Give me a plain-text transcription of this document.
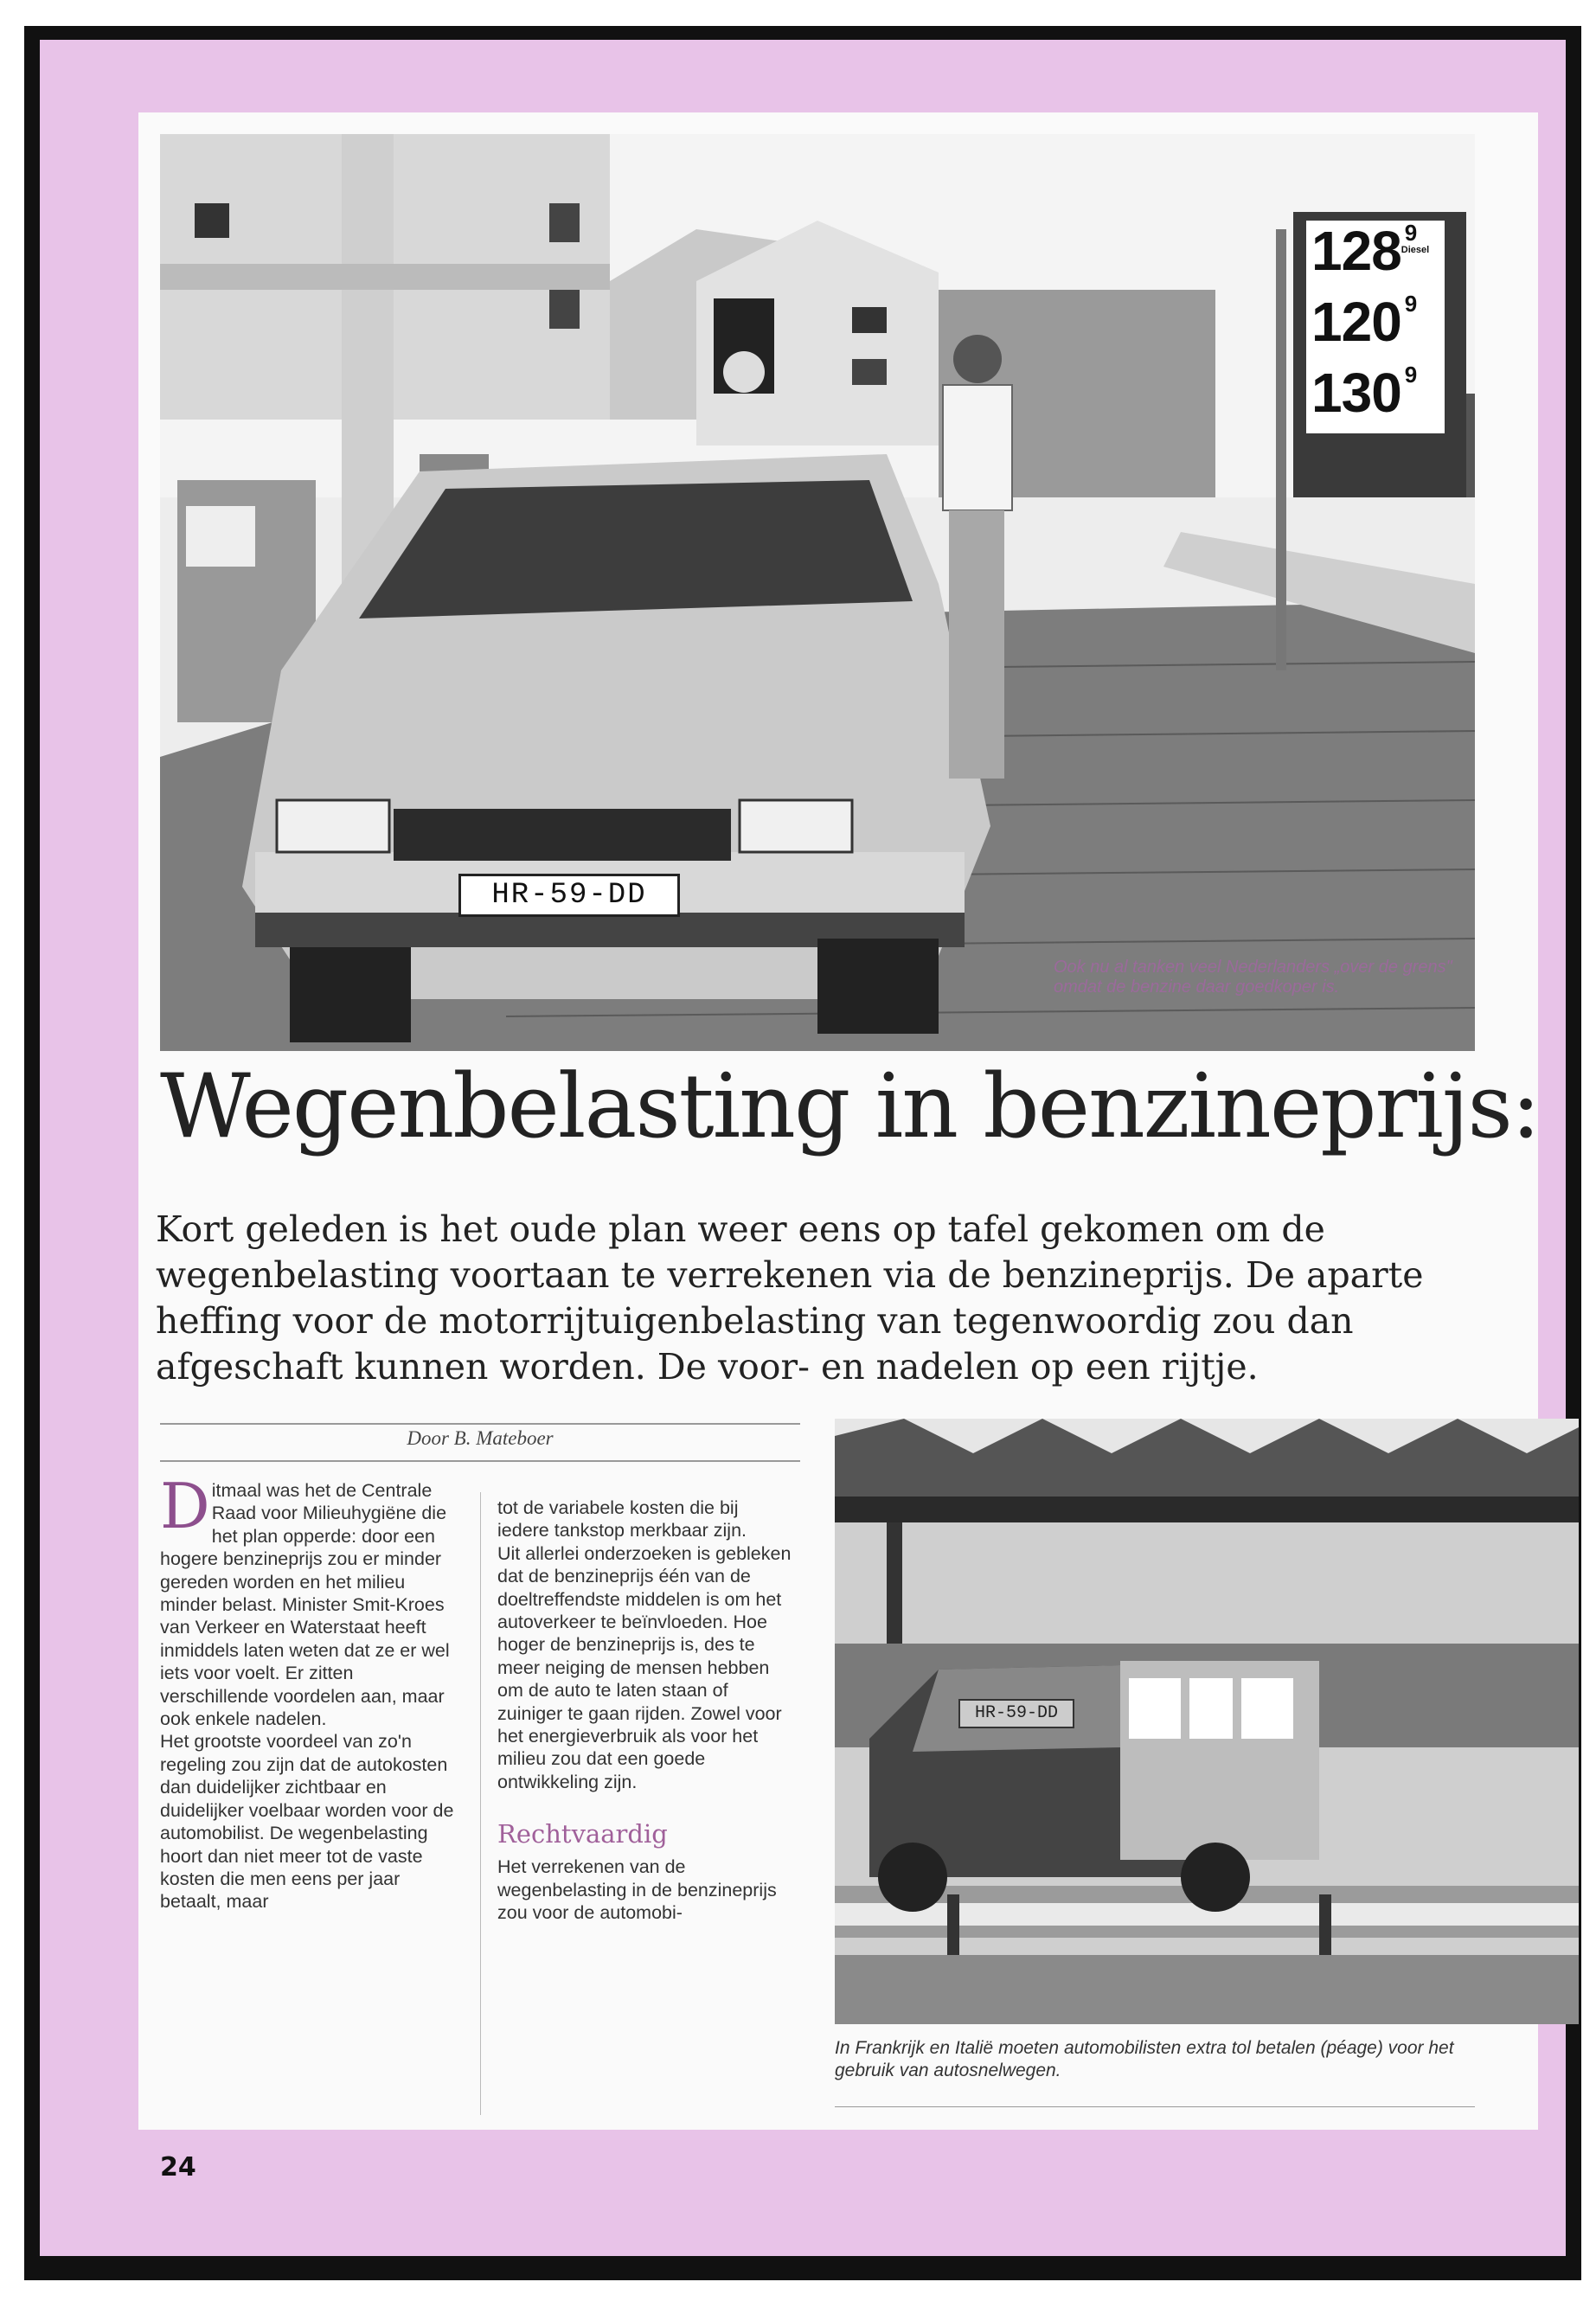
128 9
Diesel
120 9
130 9
HR-59-DD
Ook nu al tanken veel Nederlanders „over de grens" omdat de benzine daar goedkoper is.
Wegenbelasting in benzineprijs:

Kort geleden is het oude plan weer eens op tafel gekomen om de wegenbelasting voortaan te verrekenen via de benzineprijs. De aparte heffing voor de motorrijtuigenbelasting van tegenwoordig zou dan afgeschaft kunnen worden. De voor- en nadelen op een rijtje.

Door B. Mateboer
D itmaal was het de Centrale Raad voor Milieuhygiëne die het plan opperde: door een hogere benzineprijs zou er minder gereden worden en het milieu minder belast. Minister Smit-Kroes van Verkeer en Waterstaat heeft inmiddels laten weten dat ze er wel iets voor voelt. Er zitten verschillende voordelen aan, maar ook enkele nadelen.
Het grootste voordeel van zo'n regeling zou zijn dat de autokosten dan duidelijker zichtbaar en duidelijker voelbaar worden voor de automobilist. De wegenbelasting hoort dan niet meer tot de vaste kosten die men eens per jaar betaalt, maar
tot de variabele kosten die bij iedere tankstop merkbaar zijn.
Uit allerlei onderzoeken is gebleken dat de benzineprijs één van de doeltreffendste middelen is om het autoverkeer te beïnvloeden. Hoe hoger de benzineprijs is, des te meer neiging de mensen hebben om de auto te laten staan of zuiniger te gaan rijden. Zowel voor het energieverbruik als voor het milieu zou dat een goede ontwikkeling zijn.
Rechtvaardig
Het verrekenen van de wegenbelasting in de benzineprijs zou voor de automobi-
HR-59-DD
In Frankrijk en Italië moeten automobilisten extra tol betalen (péage) voor het gebruik van autosnelwegen.
24
